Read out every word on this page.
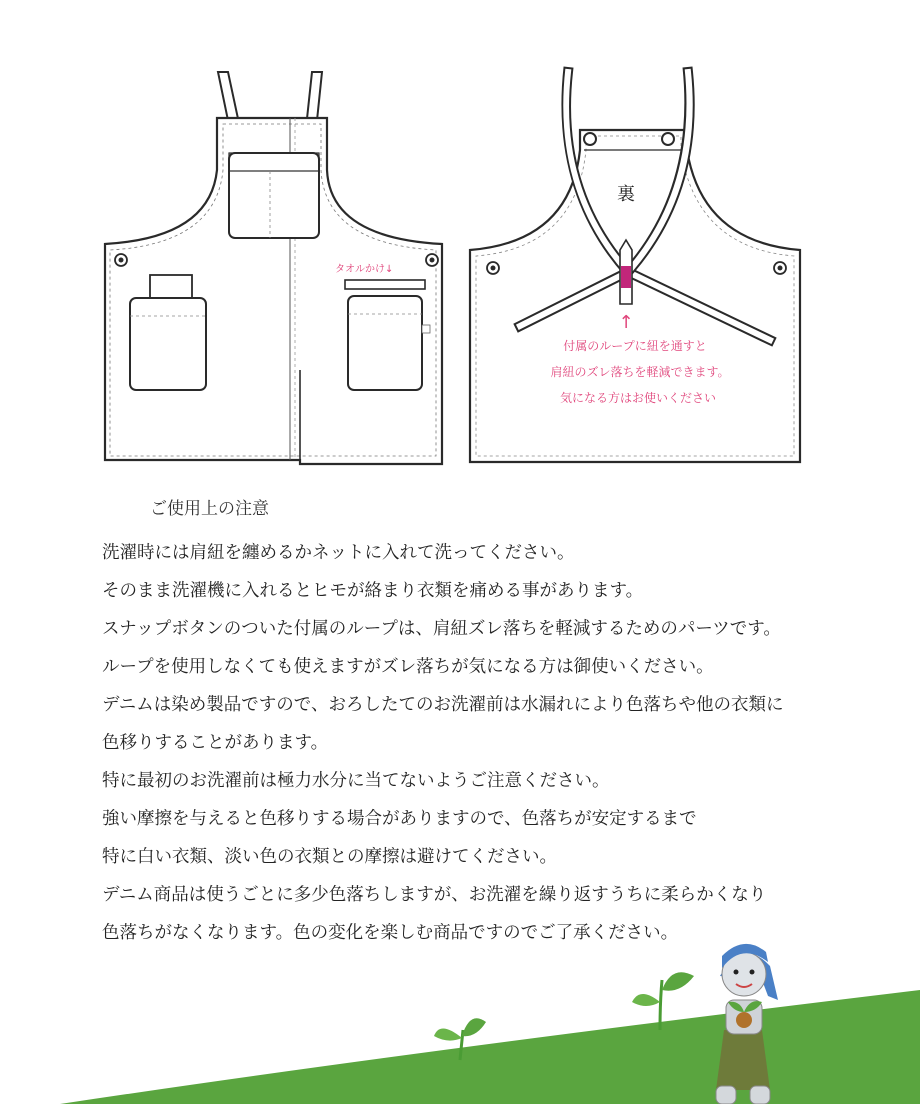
タオルかけ↓
裏
↑
付属のループに紐を通すと
肩紐のズレ落ちを軽減できます。
気になる方はお使いください
ご使用上の注意
洗濯時には肩紐を纏めるかネットに入れて洗ってください。
そのまま洗濯機に入れるとヒモが絡まり衣類を痛める事があります。
スナップボタンのついた付属のループは、肩紐ズレ落ちを軽減するためのパーツです。
ループを使用しなくても使えますがズレ落ちが気になる方は御使いください。
デニムは染め製品ですので、おろしたてのお洗濯前は水漏れにより色落ちや他の衣類に
色移りすることがあります。
特に最初のお洗濯前は極力水分に当てないようご注意ください。
強い摩擦を与えると色移りする場合がありますので、色落ちが安定するまで
特に白い衣類、淡い色の衣類との摩擦は避けてください。
デニム商品は使うごとに多少色落ちしますが、お洗濯を繰り返すうちに柔らかくなり
色落ちがなくなります。色の変化を楽しむ商品ですのでご了承ください。
